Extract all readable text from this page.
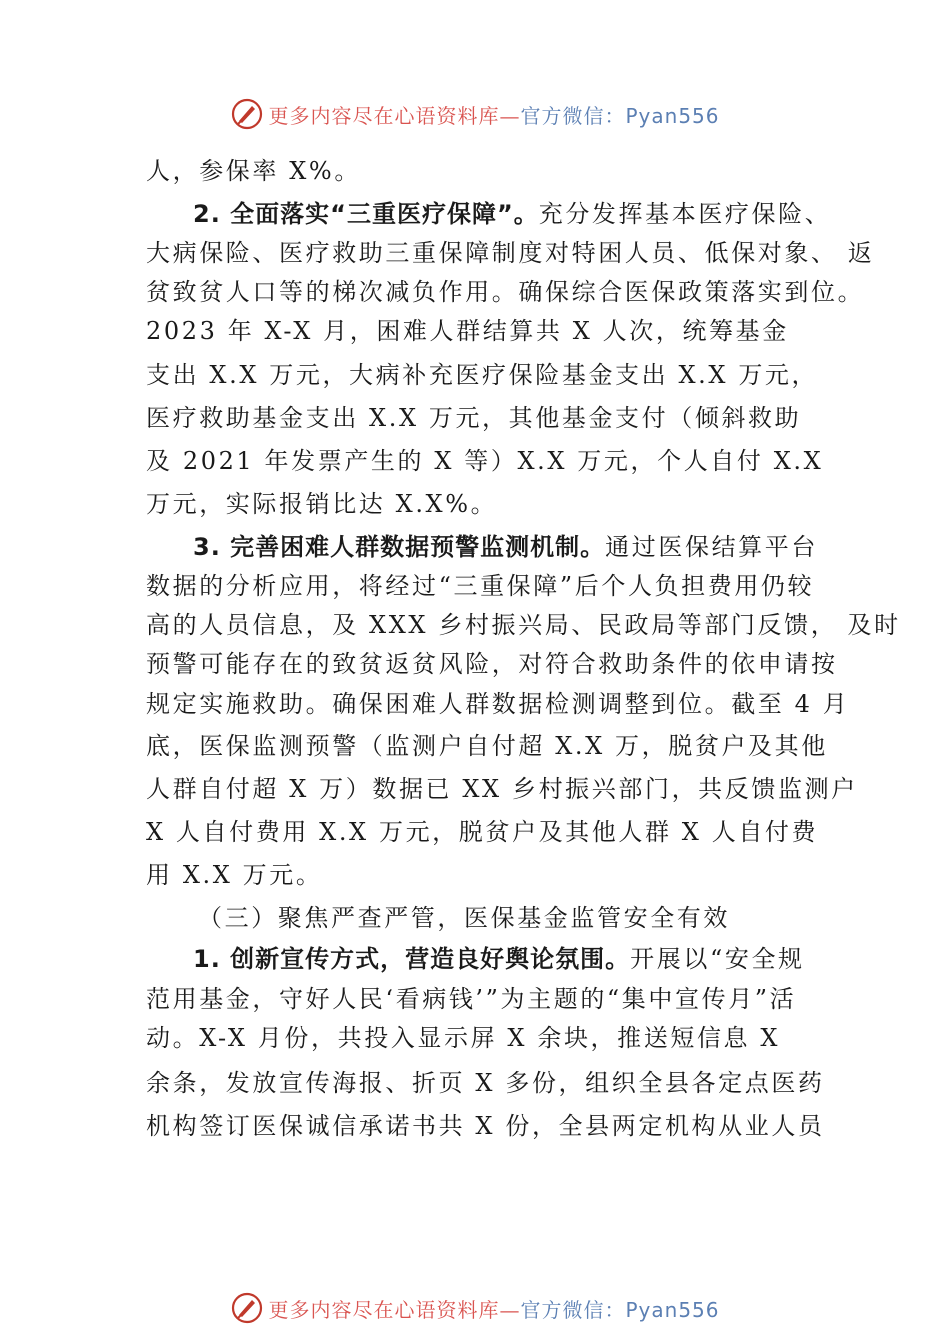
更多内容尽在心语资料库—官方微信：Pyan556
人，参保率 X%。
2. 全面落实“三重医疗保障”。充分发挥基本医疗保险、
大病保险、医疗救助三重保障制度对特困人员、低保对象、 返
贫致贫人口等的梯次减负作用。确保综合医保政策落实到位。
2023 年 X-X 月，困难人群结算共 X 人次，统筹基金
支出 X.X 万元，大病补充医疗保险基金支出 X.X 万元，
医疗救助基金支出 X.X 万元，其他基金支付（倾斜救助
及 2021 年发票产生的 X 等）X.X 万元，个人自付 X.X
万元，实际报销比达 X.X%。
3. 完善困难人群数据预警监测机制。通过医保结算平台
数据的分析应用，将经过“三重保障”后个人负担费用仍较
高的人员信息，及 XXX 乡村振兴局、民政局等部门反馈， 及时
预警可能存在的致贫返贫风险，对符合救助条件的依申请按
规定实施救助。确保困难人群数据检测调整到位。截至 4 月
底，医保监测预警（监测户自付超 X.X 万，脱贫户及其他
人群自付超 X 万）数据已 XX 乡村振兴部门，共反馈监测户
X 人自付费用 X.X 万元，脱贫户及其他人群 X 人自付费
用 X.X 万元。
（三）聚焦严查严管，医保基金监管安全有效
1. 创新宣传方式，营造良好舆论氛围。开展以“安全规
范用基金，守好人民‘看病钱’”为主题的“集中宣传月”活
动。X-X 月份，共投入显示屏 X 余块，推送短信息 X
余条，发放宣传海报、折页 X 多份，组织全县各定点医药
机构签订医保诚信承诺书共 X 份，全县两定机构从业人员
更多内容尽在心语资料库—官方微信：Pyan556
